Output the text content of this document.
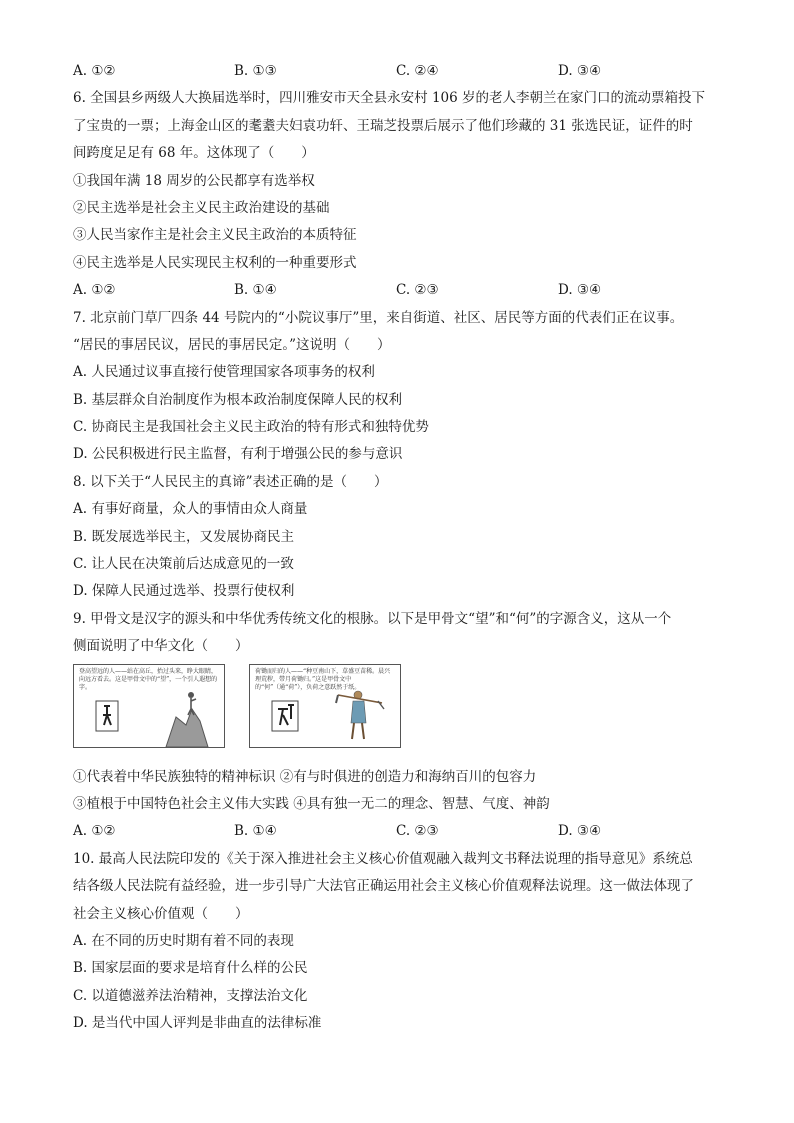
A. ①②	B. ①③	C. ②④	D. ③④
6. 全国县乡两级人大换届选举时，四川雅安市天全县永安村 106 岁的老人李朝兰在家门口的流动票箱投下
了宝贵的一票；上海金山区的耄耋夫妇袁功轩、王瑞芝投票后展示了他们珍藏的 31 张选民证，证件的时
间跨度足足有 68 年。这体现了（　　）
①我国年满 18 周岁的公民都享有选举权
②民主选举是社会主义民主政治建设的基础
③人民当家作主是社会主义民主政治的本质特征
④民主选举是人民实现民主权利的一种重要形式
A. ①②	B. ①④	C. ②③	D. ③④
7. 北京前门草厂四条 44 号院内的“小院议事厅”里，来自街道、社区、居民等方面的代表们正在议事。
“居民的事居民议，居民的事居民定。”这说明（　　）
A. 人民通过议事直接行使管理国家各项事务的权利
B. 基层群众自治制度作为根本政治制度保障人民的权利
C. 协商民主是我国社会主义民主政治的特有形式和独特优势
D. 公民积极进行民主监督，有利于增强公民的参与意识
8. 以下关于“人民民主的真谛”表述正确的是（　　）
A. 有事好商量，众人的事情由众人商量
B. 既发展选举民主，又发展协商民主
C. 让人民在决策前后达成意见的一致
D. 保障人民通过选举、投票行使权利
9. 甲骨文是汉字的源头和中华优秀传统文化的根脉。以下是甲骨文“望”和“何”的字源含义，这从一个
侧面说明了中华文化（　　）
登高望远的人——站在高丘，抬过头来，睁大眼睛，向远方看去。这是甲骨文中的“望”，一个引人遐想的字。
荷锄而归的人——“种豆南山下，草盛豆苗稀。晨兴理荒秽，带月荷锄归。”这是甲骨文中的“何”（通“荷”），负荷之意跃然于纸。
①代表着中华民族独特的精神标识 ②有与时俱进的创造力和海纳百川的包容力
③植根于中国特色社会主义伟大实践 ④具有独一无二的理念、智慧、气度、神韵
A. ①②	B. ①④	C. ②③	D. ③④
10. 最高人民法院印发的《关于深入推进社会主义核心价值观融入裁判文书释法说理的指导意见》系统总
结各级人民法院有益经验，进一步引导广大法官正确运用社会主义核心价值观释法说理。这一做法体现了
社会主义核心价值观（　　）
A. 在不同的历史时期有着不同的表现
B. 国家层面的要求是培育什么样的公民
C. 以道德滋养法治精神，支撑法治文化
D. 是当代中国人评判是非曲直的法律标准
